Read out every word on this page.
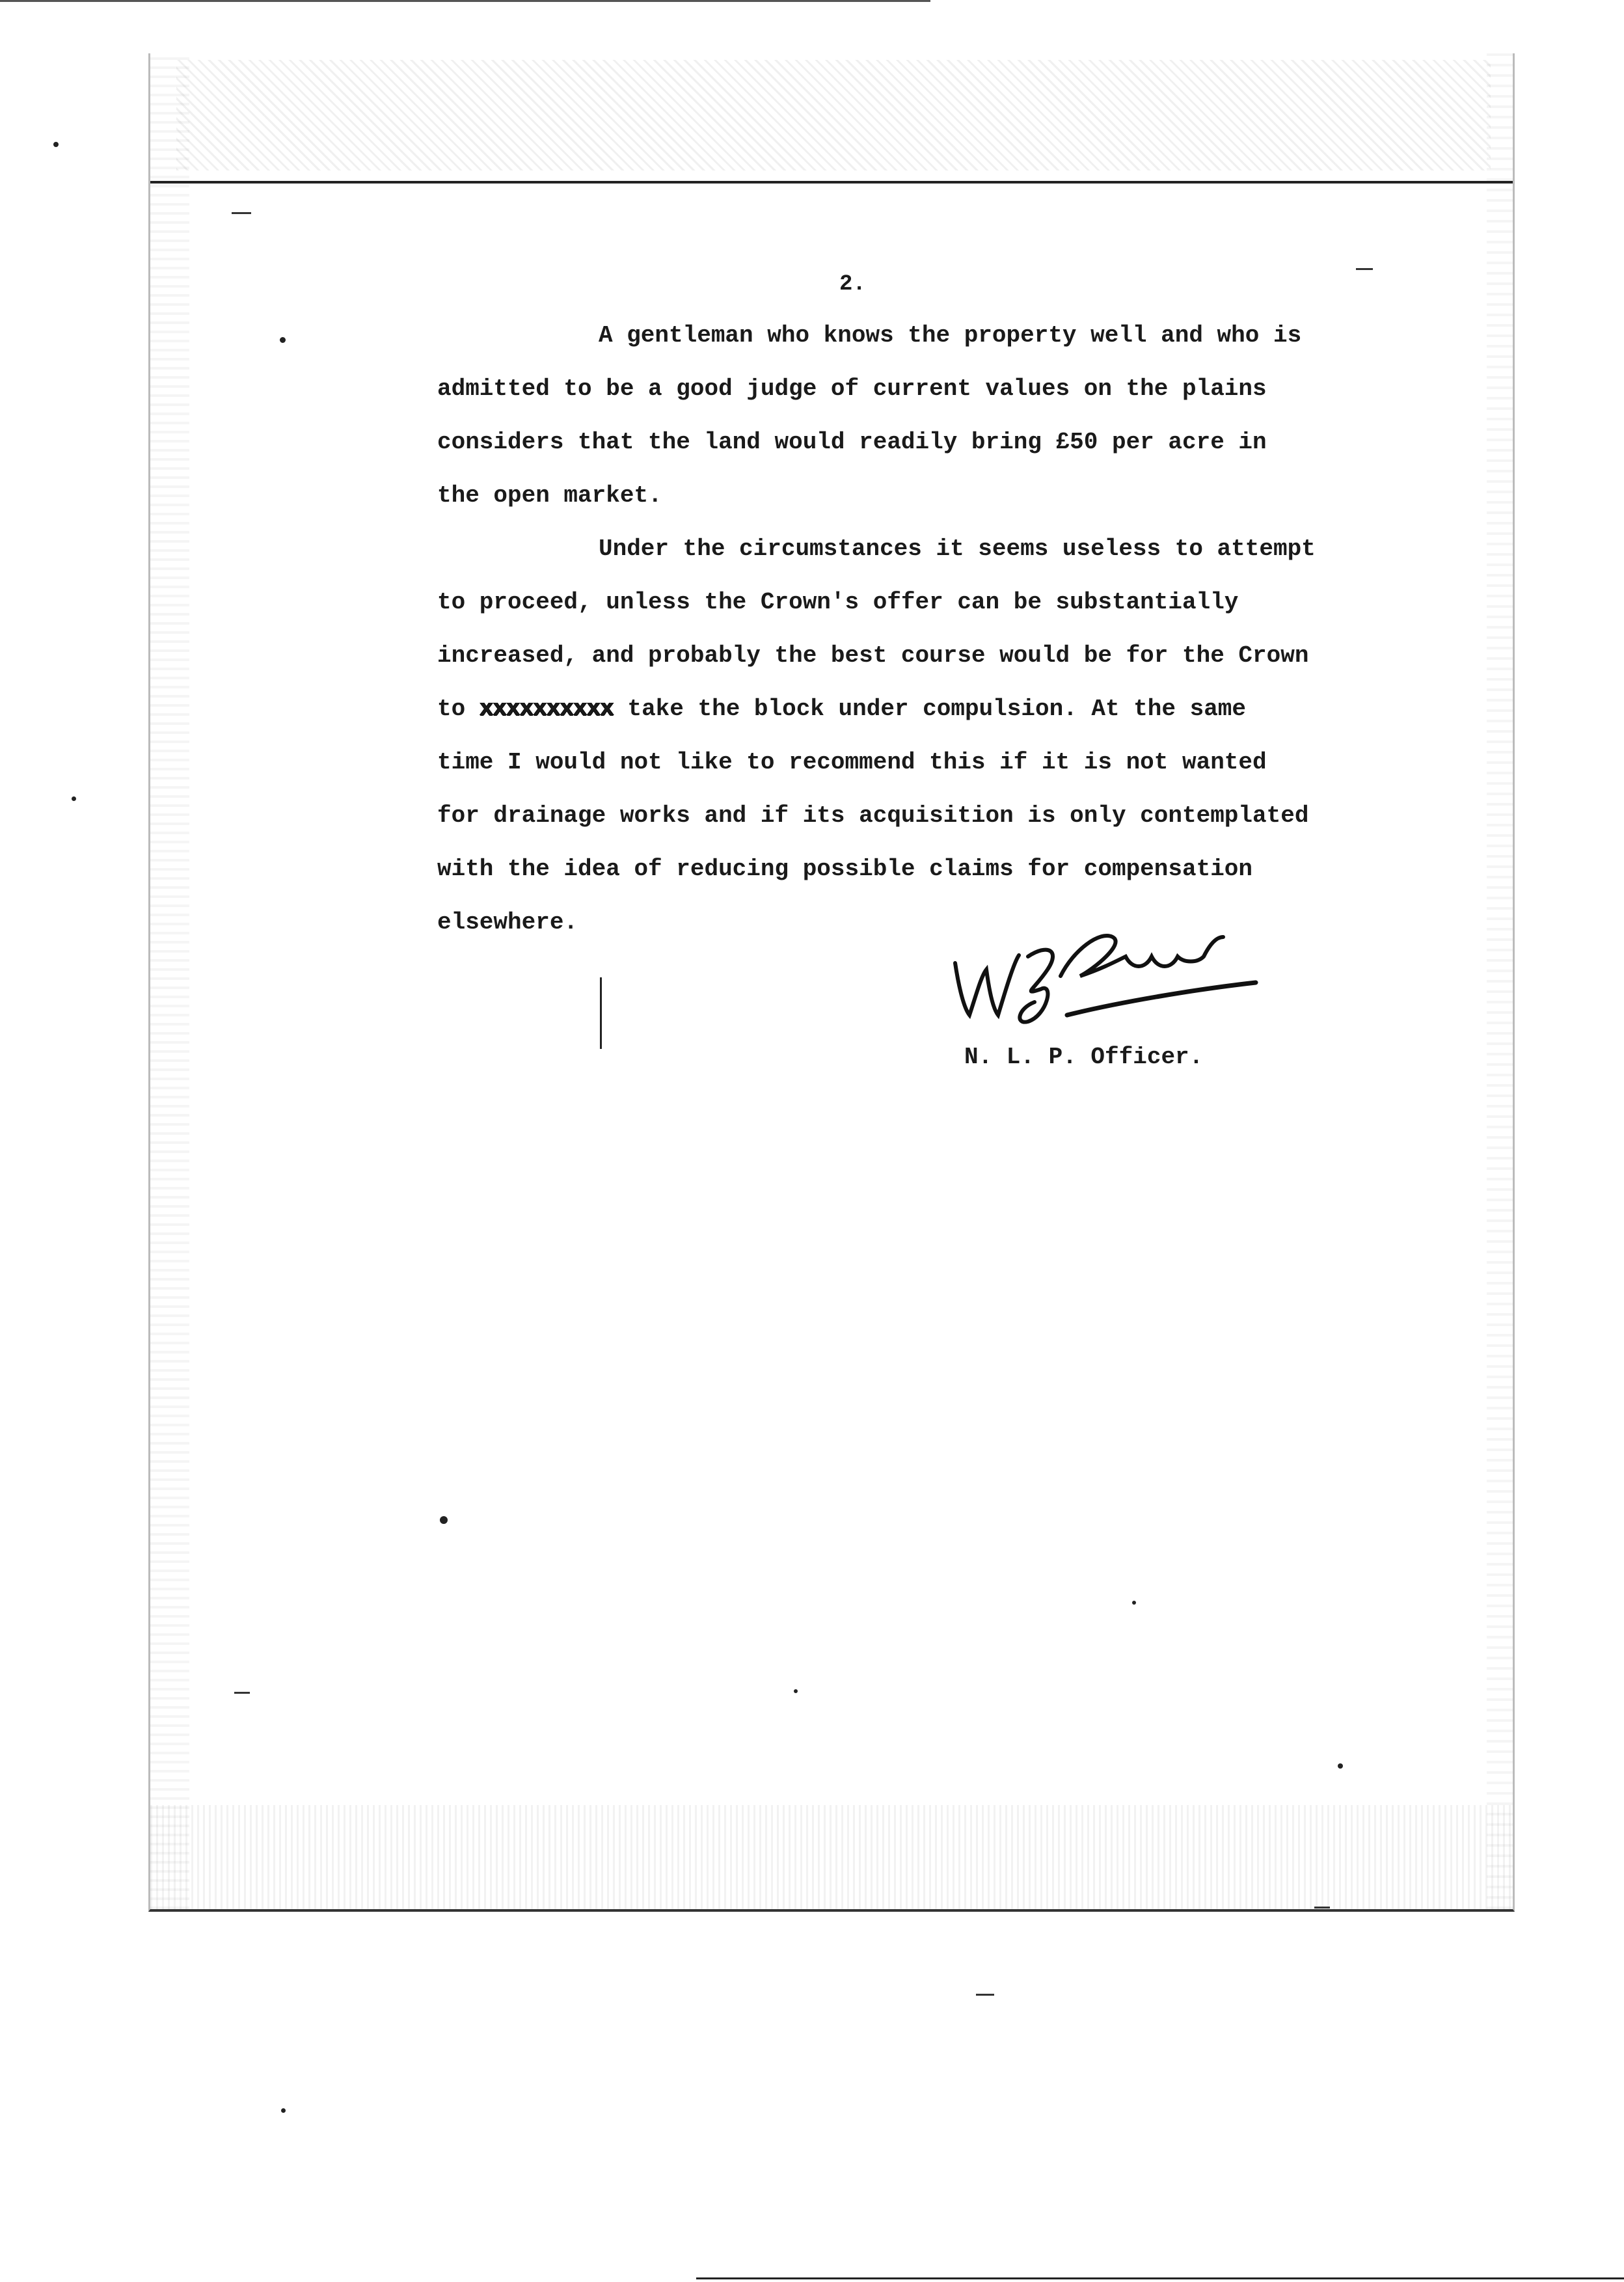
2.
A gentleman who knows the property well and who is
admitted to be a good judge of current values on the plains
considers that the land would readily bring £50 per acre in
the open market.
Under the circumstances it seems useless to attempt
to proceed, unless the Crown's offer can be substantially
increased, and probably the best course would be for the Crown
to xxxxxxxxxx take the block under compulsion. At the same
time I would not like to recommend this if it is not wanted
for drainage works and if its acquisition is only contemplated
with the idea of reducing possible claims for compensation
elsewhere.
N. L. P. Officer.
